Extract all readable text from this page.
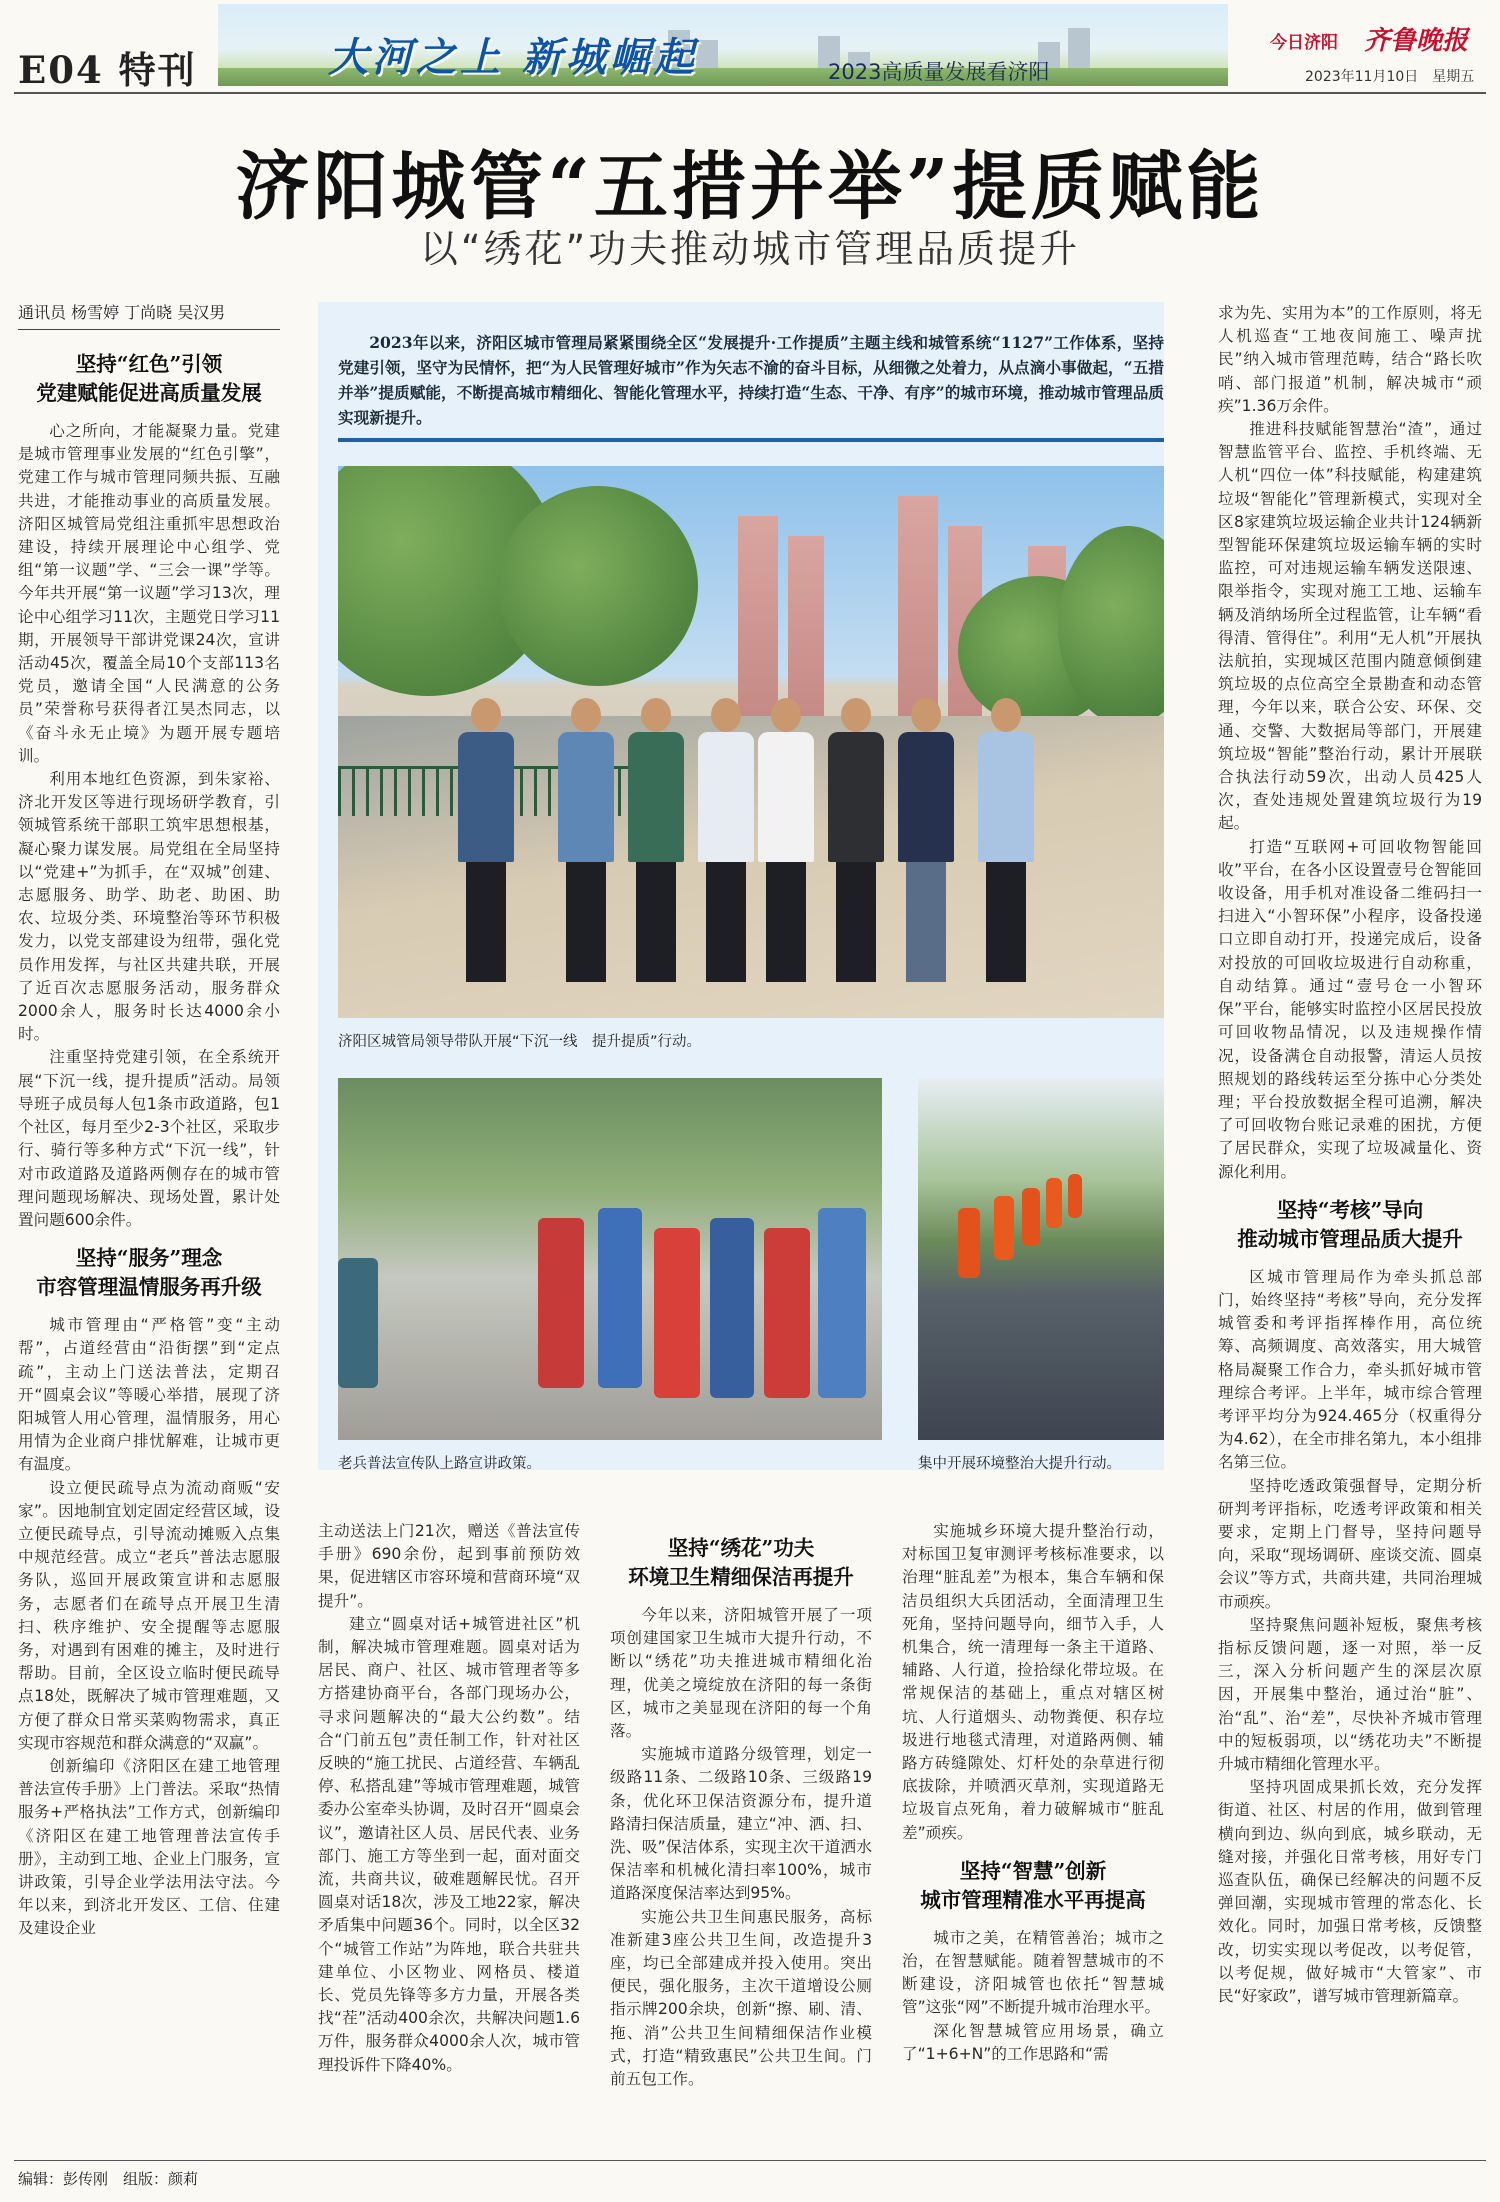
E04 特刊	大河之上 新城崛起	2023高质量发展看济阳
今日济阳 齐鲁晚报
2023年11月10日　星期五
济阳城管“五措并举”提质赋能
以“绣花”功夫推动城市管理品质提升
通讯员 杨雪婷 丁尚晓 吴汉男
坚持“红色”引领
党建赋能促进高质量发展

心之所向，才能凝聚力量。党建是城市管理事业发展的“红色引擎”，党建工作与城市管理同频共振、互融共进，才能推动事业的高质量发展。济阳区城管局党组注重抓牢思想政治建设，持续开展理论中心组学、党组“第一议题”学、“三会一课”学等。今年共开展“第一议题”学习13次，理论中心组学习11次，主题党日学习11期，开展领导干部讲党课24次，宣讲活动45次，覆盖全局10个支部113名党员，邀请全国“人民满意的公务员”荣誉称号获得者江昊杰同志，以《奋斗永无止境》为题开展专题培训。

利用本地红色资源，到朱家裕、济北开发区等进行现场研学教育，引领城管系统干部职工筑牢思想根基，凝心聚力谋发展。局党组在全局坚持以“党建+”为抓手，在“双城”创建、志愿服务、助学、助老、助困、助农、垃圾分类、环境整治等环节积极发力，以党支部建设为纽带，强化党员作用发挥，与社区共建共联，开展了近百次志愿服务活动，服务群众2000余人，服务时长达4000余小时。

注重坚持党建引领，在全系统开展“下沉一线，提升提质”活动。局领导班子成员每人包1条市政道路，包1个社区，每月至少2-3个社区，采取步行、骑行等多种方式“下沉一线”，针对市政道路及道路两侧存在的城市管理问题现场解决、现场处置，累计处置问题600余件。

坚持“服务”理念
市容管理温情服务再升级

城市管理由“严格管”变“主动帮”，占道经营由“沿街摆”到“定点疏”，主动上门送法普法，定期召开“圆桌会议”等暖心举措，展现了济阳城管人用心管理，温情服务，用心用情为企业商户排忧解难，让城市更有温度。

设立便民疏导点为流动商贩“安家”。因地制宜划定固定经营区域，设立便民疏导点，引导流动摊贩入点集中规范经营。成立“老兵”普法志愿服务队，巡回开展政策宣讲和志愿服务，志愿者们在疏导点开展卫生清扫、秩序维护、安全提醒等志愿服务，对遇到有困难的摊主，及时进行帮助。目前，全区设立临时便民疏导点18处，既解决了城市管理难题，又方便了群众日常买菜购物需求，真正实现市容规范和群众满意的“双赢”。

创新编印《济阳区在建工地管理普法宣传手册》上门普法。采取“热情服务+严格执法”工作方式，创新编印《济阳区在建工地管理普法宣传手册》，主动到工地、企业上门服务，宣讲政策，引导企业学法用法守法。今年以来，到济北开发区、工信、住建及建设企业

2023年以来，济阳区城市管理局紧紧围绕全区“发展提升·工作提质”主题主线和城管系统“1127”工作体系，坚持党建引领，坚守为民情怀，把“为人民管理好城市”作为矢志不渝的奋斗目标，从细微之处着力，从点滴小事做起，“五措并举”提质赋能，不断提高城市精细化、智能化管理水平，持续打造“生态、干净、有序”的城市环境，推动城市管理品质实现新提升。
济阳区城管局领导带队开展“下沉一线　提升提质”行动。
老兵普法宣传队上路宣讲政策。	集中开展环境整治大提升行动。

主动送法上门21次，赠送《普法宣传手册》690余份，起到事前预防效果，促进辖区市容环境和营商环境“双提升”。

建立“圆桌对话+城管进社区”机制，解决城市管理难题。圆桌对话为居民、商户、社区、城市管理者等多方搭建协商平台，各部门现场办公，寻求问题解决的“最大公约数”。结合“门前五包”责任制工作，针对社区反映的“施工扰民、占道经营、车辆乱停、私搭乱建”等城市管理难题，城管委办公室牵头协调，及时召开“圆桌会议”，邀请社区人员、居民代表、业务部门、施工方等坐到一起，面对面交流，共商共议，破难题解民忧。召开圆桌对话18次，涉及工地22家，解决矛盾集中问题36个。同时，以全区32个“城管工作站”为阵地，联合共驻共建单位、小区物业、网格员、楼道长、党员先锋等多方力量，开展各类找“茬”活动400余次，共解决问题1.6万件，服务群众4000余人次，城市管理投诉件下降40%。

坚持“绣花”功夫
环境卫生精细保洁再提升

今年以来，济阳城管开展了一项项创建国家卫生城市大提升行动，不断以“绣花”功夫推进城市精细化治理，优美之境绽放在济阳的每一条街区，城市之美显现在济阳的每一个角落。

实施城市道路分级管理，划定一级路11条、二级路10条、三级路19条，优化环卫保洁资源分布，提升道路清扫保洁质量，建立“冲、洒、扫、洗、吸”保洁体系，实现主次干道洒水保洁率和机械化清扫率100%，城市道路深度保洁率达到95%。

实施公共卫生间惠民服务，高标准新建3座公共卫生间，改造提升3座，均已全部建成并投入使用。突出便民，强化服务，主次干道增设公厕指示牌200余块，创新“擦、刷、清、拖、消”公共卫生间精细保洁作业模式，打造“精致惠民”公共卫生间。门前五包工作。

实施城乡环境大提升整治行动，对标国卫复审测评考核标准要求，以治理“脏乱差”为根本，集合车辆和保洁员组织大兵团活动，全面清理卫生死角，坚持问题导向，细节入手，人机集合，统一清理每一条主干道路、辅路、人行道，捡拾绿化带垃圾。在常规保洁的基础上，重点对辖区树坑、人行道烟头、动物粪便、积存垃圾进行地毯式清理，对道路两侧、辅路方砖缝隙处、灯杆处的杂草进行彻底拔除，并喷洒灭草剂，实现道路无垃圾盲点死角，着力破解城市“脏乱差”顽疾。

坚持“智慧”创新
城市管理精准水平再提高

城市之美，在精管善治；城市之治，在智慧赋能。随着智慧城市的不断建设，济阳城管也依托“智慧城管”这张“网”不断提升城市治理水平。

深化智慧城管应用场景，确立了“1+6+N”的工作思路和“需

求为先、实用为本”的工作原则，将无人机巡查“工地夜间施工、噪声扰民”纳入城市管理范畴，结合“路长吹哨、部门报道”机制，解决城市“顽疾”1.36万余件。

推进科技赋能智慧治“渣”，通过智慧监管平台、监控、手机终端、无人机“四位一体”科技赋能，构建建筑垃圾“智能化”管理新模式，实现对全区8家建筑垃圾运输企业共计124辆新型智能环保建筑垃圾运输车辆的实时监控，可对违规运输车辆发送限速、限举指令，实现对施工工地、运输车辆及消纳场所全过程监管，让车辆“看得清、管得住”。利用“无人机”开展执法航拍，实现城区范围内随意倾倒建筑垃圾的点位高空全景勘查和动态管理，今年以来，联合公安、环保、交通、交警、大数据局等部门，开展建筑垃圾“智能”整治行动，累计开展联合执法行动59次，出动人员425人次，查处违规处置建筑垃圾行为19起。

打造“互联网+可回收物智能回收”平台，在各小区设置壹号仓智能回收设备，用手机对准设备二维码扫一扫进入“小智环保”小程序，设备投递口立即自动打开，投递完成后，设备对投放的可回收垃圾进行自动称重，自动结算。通过“壹号仓一小智环保”平台，能够实时监控小区居民投放可回收物品情况，以及违规操作情况，设备满仓自动报警，清运人员按照规划的路线转运至分拣中心分类处理；平台投放数据全程可追溯，解决了可回收物台账记录难的困扰，方便了居民群众，实现了垃圾减量化、资源化利用。

坚持“考核”导向
推动城市管理品质大提升

区城市管理局作为牵头抓总部门，始终坚持“考核”导向，充分发挥城管委和考评指挥棒作用，高位统筹、高频调度、高效落实，用大城管格局凝聚工作合力，牵头抓好城市管理综合考评。上半年，城市综合管理考评平均分为924.465分（权重得分为4.62），在全市排名第九，本小组排名第三位。

坚持吃透政策强督导，定期分析研判考评指标，吃透考评政策和相关要求，定期上门督导，坚持问题导向，采取“现场调研、座谈交流、圆桌会议”等方式，共商共建，共同治理城市顽疾。

坚持聚焦问题补短板，聚焦考核指标反馈问题，逐一对照，举一反三，深入分析问题产生的深层次原因，开展集中整治，通过治“脏”、治“乱”、治“差”，尽快补齐城市管理中的短板弱项，以“绣花功夫”不断提升城市精细化管理水平。

坚持巩固成果抓长效，充分发挥街道、社区、村居的作用，做到管理横向到边、纵向到底，城乡联动，无缝对接，并强化日常考核，用好专门巡查队伍，确保已经解决的问题不反弹回潮，实现城市管理的常态化、长效化。同时，加强日常考核，反馈整改，切实实现以考促改，以考促管，以考促规，做好城市“大管家”、市民“好家政”，谱写城市管理新篇章。

编辑：彭传刚　组版：颜莉
